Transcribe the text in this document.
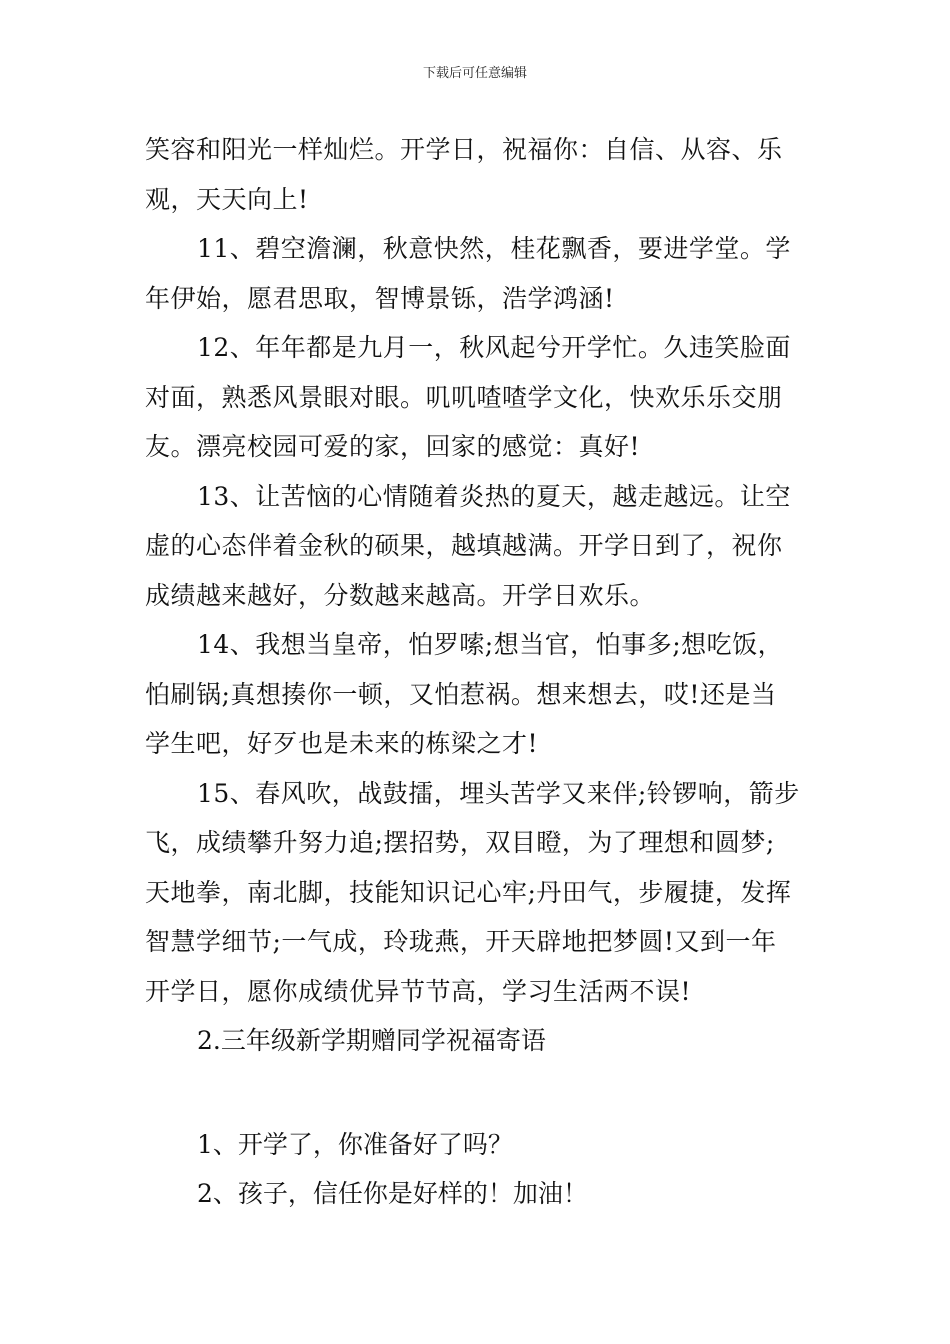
下载后可任意编辑

笑容和阳光一样灿烂。开学日，祝福你：自信、从容、乐
观，天天向上!

11、碧空澹澜，秋意快然，桂花飘香，要进学堂。学
年伊始，愿君思取，智博景铄，浩学鸿涵!

12、年年都是九月一，秋风起兮开学忙。久违笑脸面
对面，熟悉风景眼对眼。叽叽喳喳学文化，快欢乐乐交朋
友。漂亮校园可爱的家，回家的感觉：真好!

13、让苦恼的心情随着炎热的夏天，越走越远。让空
虚的心态伴着金秋的硕果，越填越满。开学日到了，祝你
成绩越来越好，分数越来越高。开学日欢乐。

14、我想当皇帝，怕罗嗦;想当官，怕事多;想吃饭，
怕刷锅;真想揍你一顿，又怕惹祸。想来想去，哎!还是当
学生吧，好歹也是未来的栋梁之才!

15、春风吹，战鼓擂，埋头苦学又来伴;铃锣响，箭步
飞，成绩攀升努力追;摆招势，双目瞪，为了理想和圆梦;
天地拳，南北脚，技能知识记心牢;丹田气，步履捷，发挥
智慧学细节;一气成，玲珑燕，开天辟地把梦圆!又到一年
开学日，愿你成绩优异节节高，学习生活两不误!

2.三年级新学期赠同学祝福寄语

1、开学了，你准备好了吗？

2、孩子，信任你是好样的！加油！
